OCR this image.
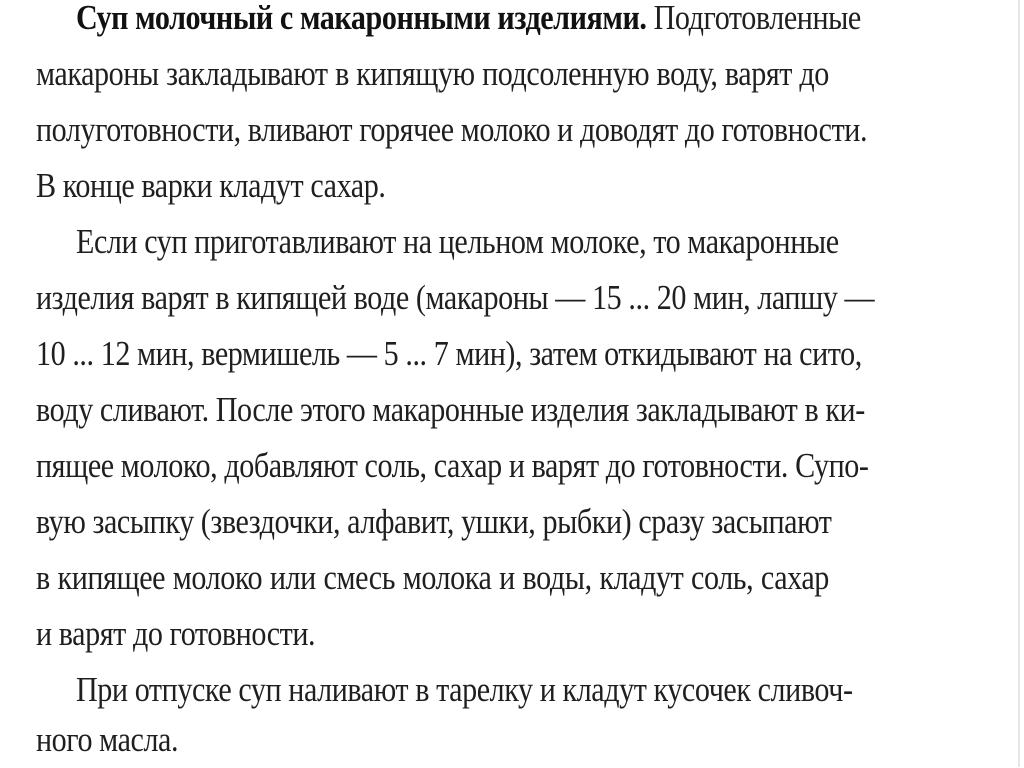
Суп молочный с макаронными изделиями. Подготовленные
макароны закладывают в кипящую подсоленную воду, варят до
полуготовности, вливают горячее молоко и доводят до готовности.
В конце варки кладут сахар.
Если суп приготавливают на цельном молоке, то макаронные
изделия варят в кипящей воде (макароны — 15 ... 20 мин, лапшу —
10 ... 12 мин, вермишель — 5 ... 7 мин), затем откидывают на сито,
воду сливают. После этого макаронные изделия закладывают в ки-
пящее молоко, добавляют соль, сахар и варят до готовности. Супо-
вую засыпку (звездочки, алфавит, ушки, рыбки) сразу засыпают
в кипящее молоко или смесь молока и воды, кладут соль, сахар
и варят до готовности.
При отпуске суп наливают в тарелку и кладут кусочек сливоч-
ного масла.
